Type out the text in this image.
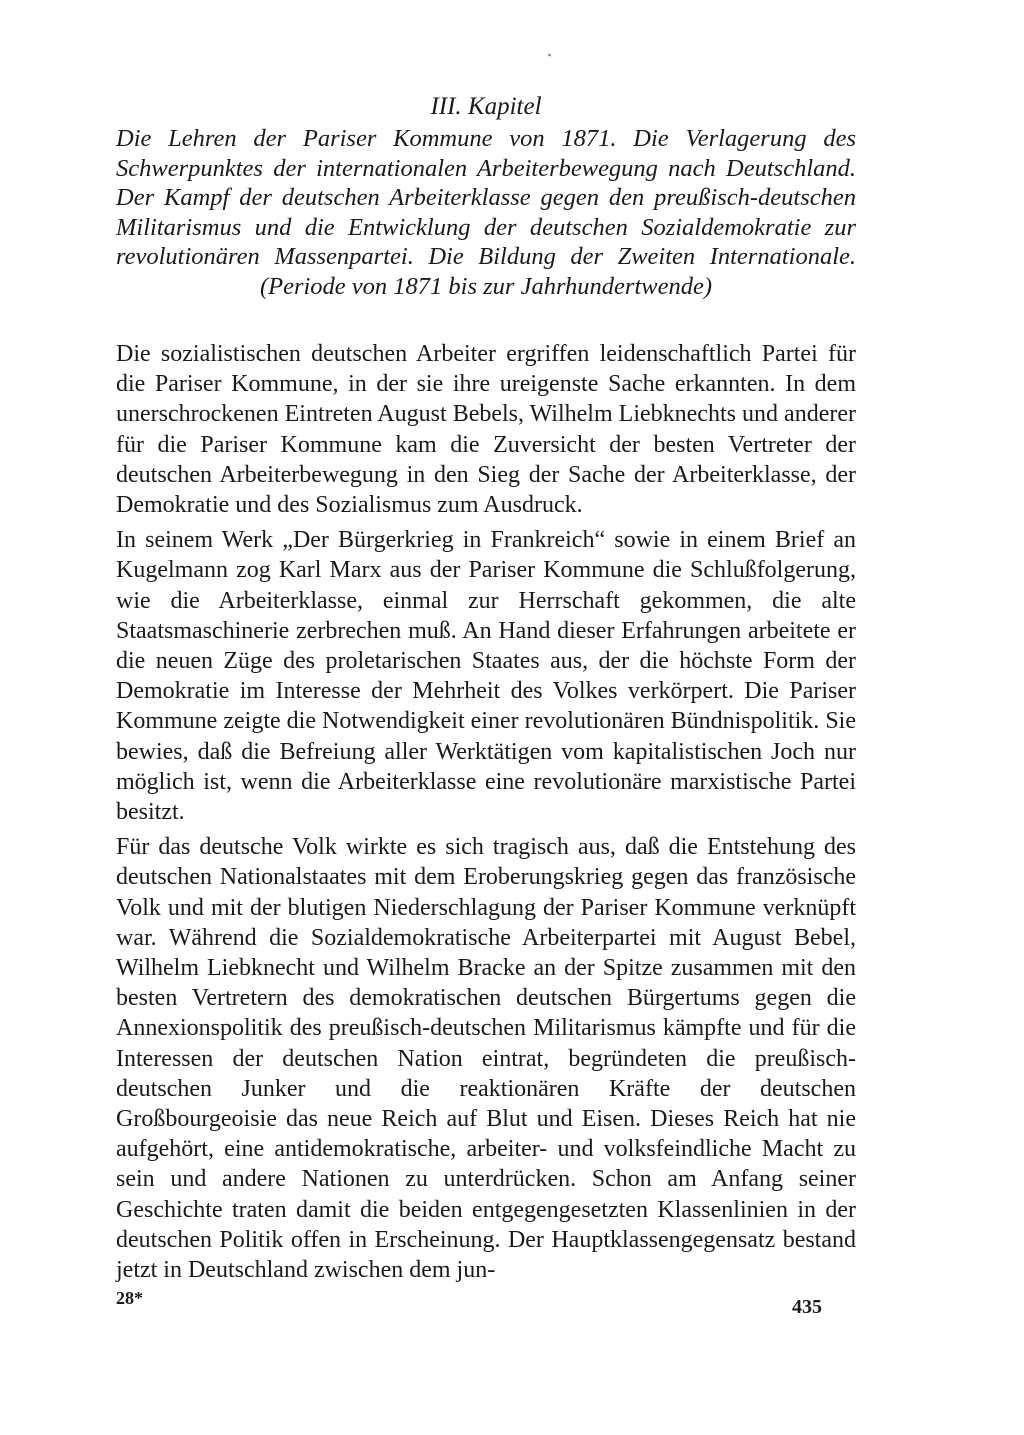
III. Kapitel
Die Lehren der Pariser Kommune von 1871. Die Verlagerung des Schwerpunktes der internationalen Arbeiterbewegung nach Deutschland. Der Kampf der deutschen Arbeiterklasse gegen den preußisch-deutschen Militarismus und die Entwicklung der deutschen Sozialdemokratie zur revolutionären Massenpartei. Die Bildung der Zweiten Internationale. (Periode von 1871 bis zur Jahrhundertwende)

Die sozialistischen deutschen Arbeiter ergriffen leidenschaftlich Partei für die Pariser Kommune, in der sie ihre ureigenste Sache erkannten. In dem unerschrockenen Eintreten August Bebels, Wilhelm Liebknechts und anderer für die Pariser Kommune kam die Zuversicht der besten Vertreter der deutschen Arbeiterbewegung in den Sieg der Sache der Arbeiterklasse, der Demokratie und des Sozialismus zum Ausdruck.

In seinem Werk „Der Bürgerkrieg in Frankreich“ sowie in einem Brief an Kugelmann zog Karl Marx aus der Pariser Kommune die Schlußfolgerung, wie die Arbeiterklasse, einmal zur Herrschaft gekommen, die alte Staatsmaschinerie zerbrechen muß. An Hand dieser Erfahrungen arbeitete er die neuen Züge des proletarischen Staates aus, der die höchste Form der Demokratie im Interesse der Mehrheit des Volkes verkörpert. Die Pariser Kommune zeigte die Notwendigkeit einer revolutionären Bündnispolitik. Sie bewies, daß die Befreiung aller Werktätigen vom kapitalistischen Joch nur möglich ist, wenn die Arbeiterklasse eine revolutionäre marxistische Partei besitzt.

Für das deutsche Volk wirkte es sich tragisch aus, daß die Entstehung des deutschen Nationalstaates mit dem Eroberungskrieg gegen das französische Volk und mit der blutigen Niederschlagung der Pariser Kommune verknüpft war. Während die Sozialdemokratische Arbeiterpartei mit August Bebel, Wilhelm Liebknecht und Wilhelm Bracke an der Spitze zusammen mit den besten Vertretern des demokratischen deutschen Bürgertums gegen die Annexionspolitik des preußisch-deutschen Militarismus kämpfte und für die Interessen der deutschen Nation eintrat, begründeten die preußisch-deutschen Junker und die reaktionären Kräfte der deutschen Großbourgeoisie das neue Reich auf Blut und Eisen. Dieses Reich hat nie aufgehört, eine antidemokratische, arbeiter- und volksfeindliche Macht zu sein und andere Nationen zu unterdrücken. Schon am Anfang seiner Geschichte traten damit die beiden entgegengesetzten Klassenlinien in der deutschen Politik offen in Erscheinung. Der Hauptklassengegensatz bestand jetzt in Deutschland zwischen dem jun-

28*	435
